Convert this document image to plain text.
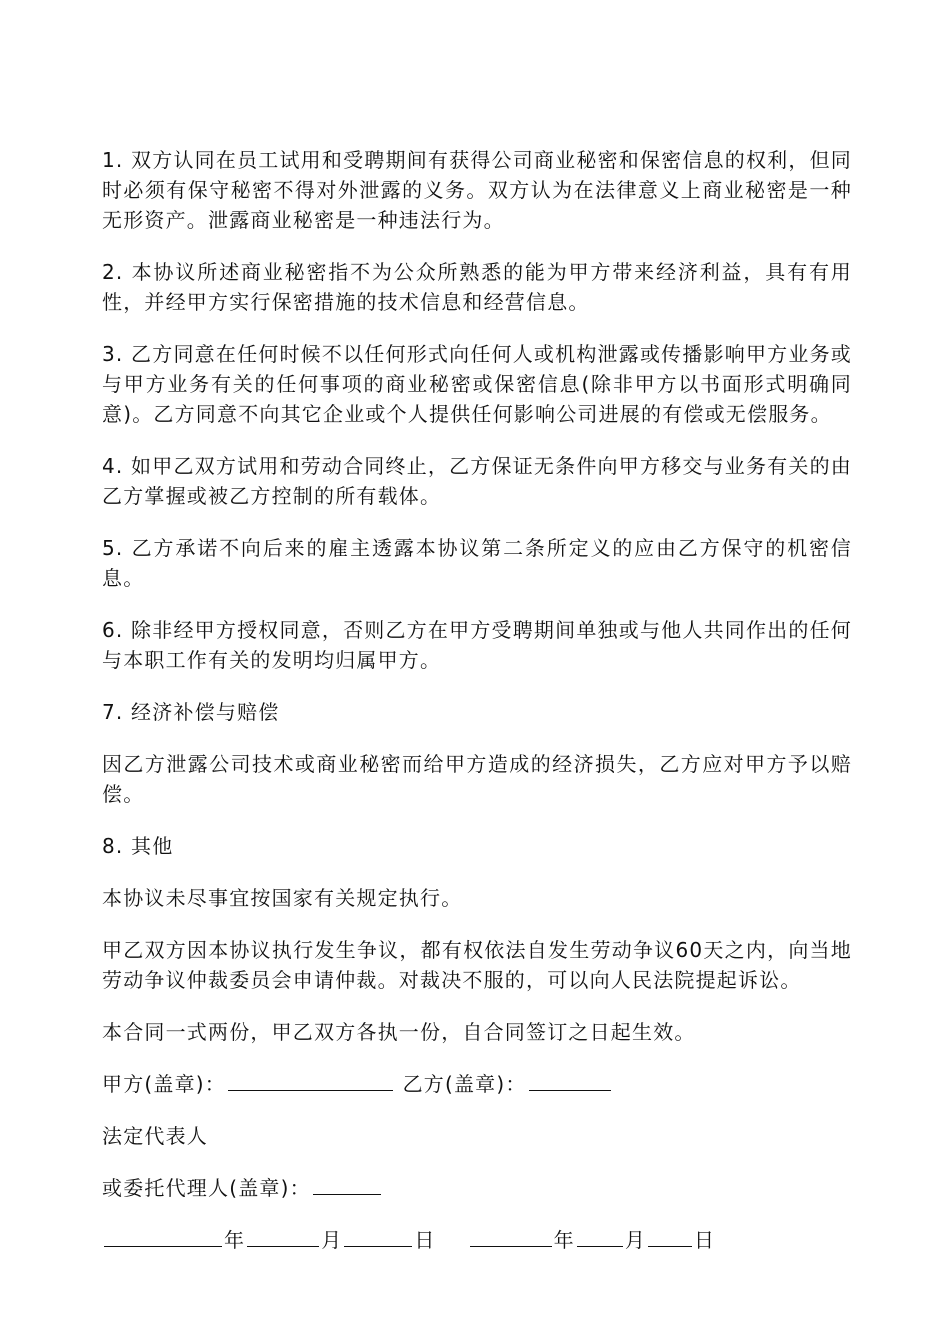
1. 双方认同在员工试用和受聘期间有获得公司商业秘密和保密信息的权利，但同时必须有保守秘密不得对外泄露的义务。双方认为在法律意义上商业秘密是一种无形资产。泄露商业秘密是一种违法行为。

2. 本协议所述商业秘密指不为公众所熟悉的能为甲方带来经济利益，具有有用性，并经甲方实行保密措施的技术信息和经营信息。

3. 乙方同意在任何时候不以任何形式向任何人或机构泄露或传播影响甲方业务或与甲方业务有关的任何事项的商业秘密或保密信息(除非甲方以书面形式明确同意)。乙方同意不向其它企业或个人提供任何影响公司进展的有偿或无偿服务。

4. 如甲乙双方试用和劳动合同终止，乙方保证无条件向甲方移交与业务有关的由乙方掌握或被乙方控制的所有载体。

5. 乙方承诺不向后来的雇主透露本协议第二条所定义的应由乙方保守的机密信息。

6. 除非经甲方授权同意，否则乙方在甲方受聘期间单独或与他人共同作出的任何与本职工作有关的发明均归属甲方。

7. 经济补偿与赔偿

因乙方泄露公司技术或商业秘密而给甲方造成的经济损失，乙方应对甲方予以赔偿。

8. 其他

本协议未尽事宜按国家有关规定执行。

甲乙双方因本协议执行发生争议，都有权依法自发生劳动争议60天之内，向当地劳动争议仲裁委员会申请仲裁。对裁决不服的，可以向人民法院提起诉讼。

本合同一式两份，甲乙双方各执一份，自合同签订之日起生效。

甲方(盖章)：	乙方(盖章)：
法定代表人
或委托代理人(盖章)：
年	月	日	年	月 日
